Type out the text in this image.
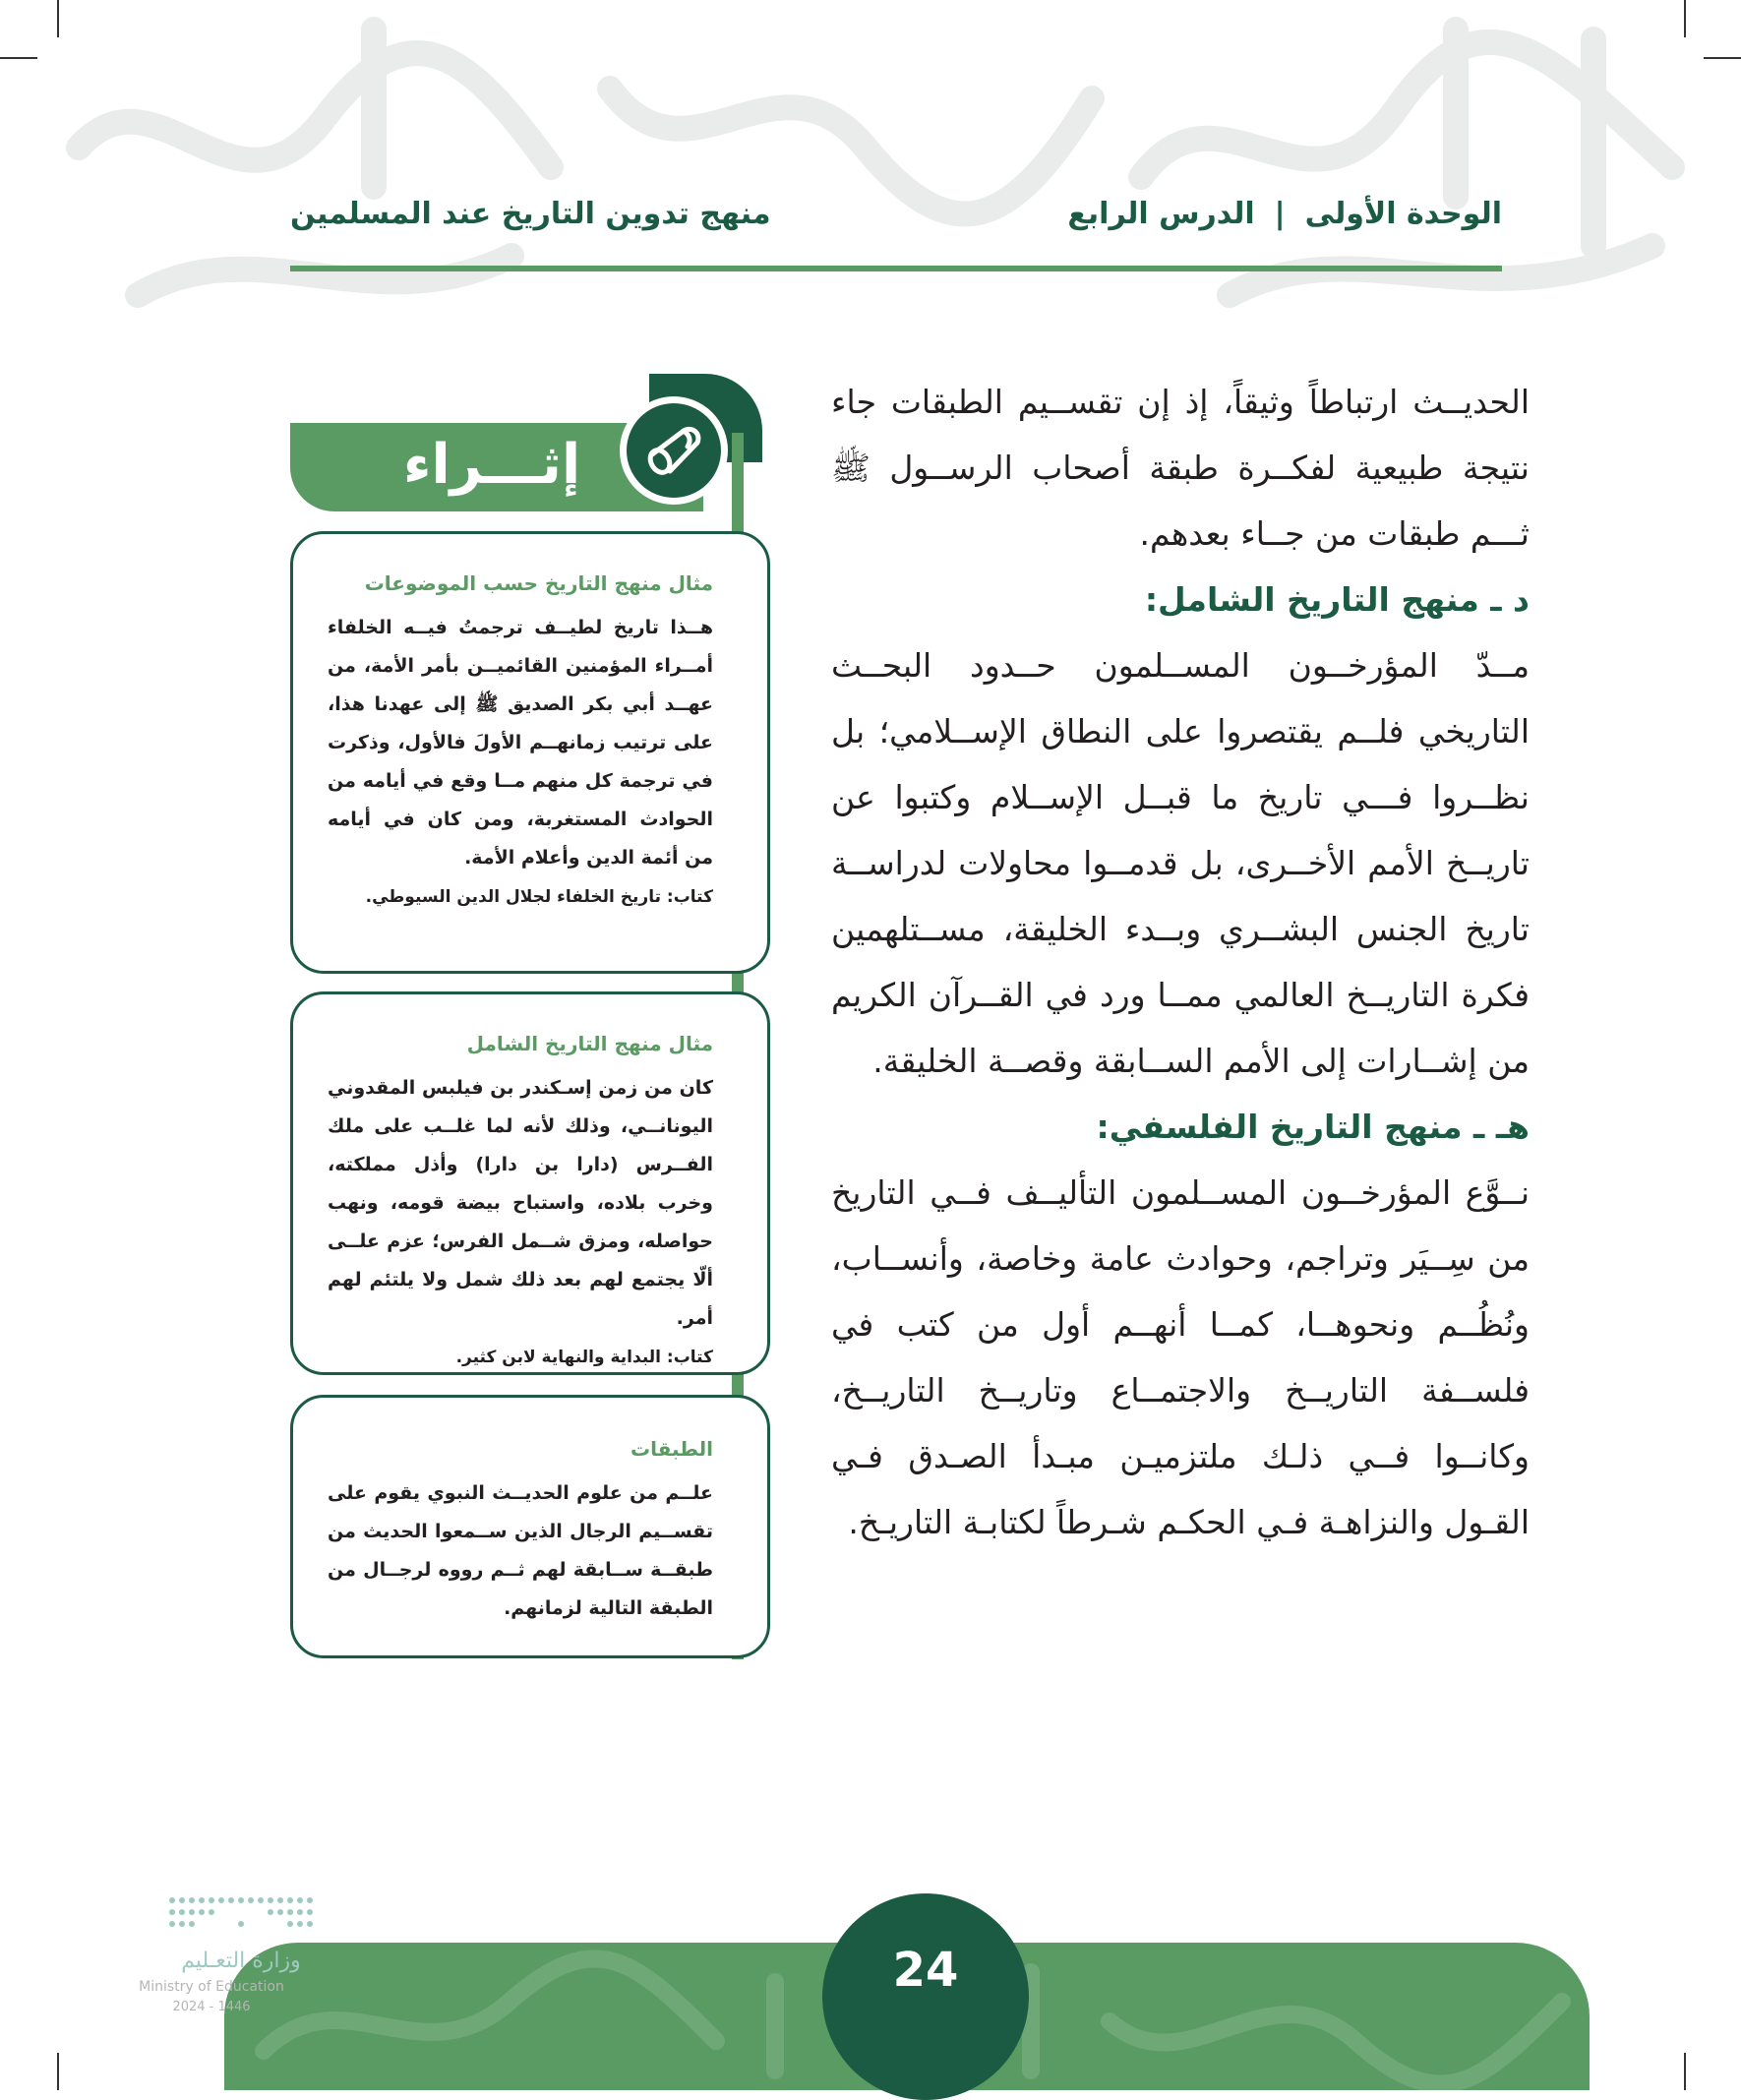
الوحدة الأولى|الدرس الرابع
منهج تدوين التاريخ عند المسلمين

الحديــث ارتباطاً وثيقاً، إذ إن تقســيم الطبقات جاء نتيجة طبيعية لفكــرة طبقة أصحاب الرســول ﷺ ثـــم طبقات من جــاء بعدهم.

د ـ منهج التاريخ الشامل:

مــدّ المؤرخــون المســلمون حــدود البحــث التاريخي فلــم يقتصروا على النطاق الإســلامي؛ بل نظــروا فـــي تاريخ ما قبــل الإســلام وكتبوا عن تاريــخ الأمم الأخــرى، بل قدمــوا محاولات لدراســة تاريخ الجنس البشــري وبــدء الخليقة، مســتلهمين فكرة التاريــخ العالمي ممــا ورد في القــرآن الكريم من إشــارات إلى الأمم الســابقة وقصــة الخليقة.

هـ ـ منهج التاريخ الفلسفي:

نــوَّع المؤرخــون المســلمون التأليــف فــي التاريخ من سِــيَر وتراجم، وحوادث عامة وخاصة، وأنســاب، ونُظُــم ونحوهــا، كمــا أنهــم أول من كتب في فلســفة التاريــخ والاجتمــاع وتاريــخ التاريــخ، وكانــوا فــي ذلـك ملتزميـن مبـدأ الصـدق فـي القـول والنزاهـة فـي الحكـم شـرطاً لكتابـة التاريـخ.

إثـــراء

مثال منهج التاريخ حسب الموضوعات

هــذا تاريخ لطيــف ترجمتُ فيــه الخلفاء أمــراء المؤمنين القائميــن بأمر الأمة، من عهــد أبي بكر الصديق ﷺ إلى عهدنا هذا، على ترتيب زمانهــم الأولَ فالأول، وذكرت في ترجمة كل منهم مــا وقع في أيامه من الحوادث المستغربة، ومن كان في أيامه من أئمة الدين وأعلام الأمة.

كتاب: تاريخ الخلفاء لجلال الدين السيوطي.

مثال منهج التاريخ الشامل

كان من زمن إسـكندر بن فيلبس المقدوني اليونانــي، وذلك لأنه لما غلــب على ملك الفــرس (دارا بن دارا) وأذل مملكته، وخرب بلاده، واستباح بيضة قومه، ونهب حواصله، ومزق شــمل الفرس؛ عزم علــى ألّا يجتمع لهم بعد ذلك شمل ولا يلتئم لهم أمر.

كتاب: البداية والنهاية لابن كثير.

الطبقات

علــم من علوم الحديــث النبوي يقوم على تقســيم الرجال الذين ســمعوا الحديث من طبقــة ســابقة لهم ثــم رووه لرجــال من الطبقة التالية لزمانهم.

24
وزارة التعـليم
Ministry of Education
2024 - 1446
